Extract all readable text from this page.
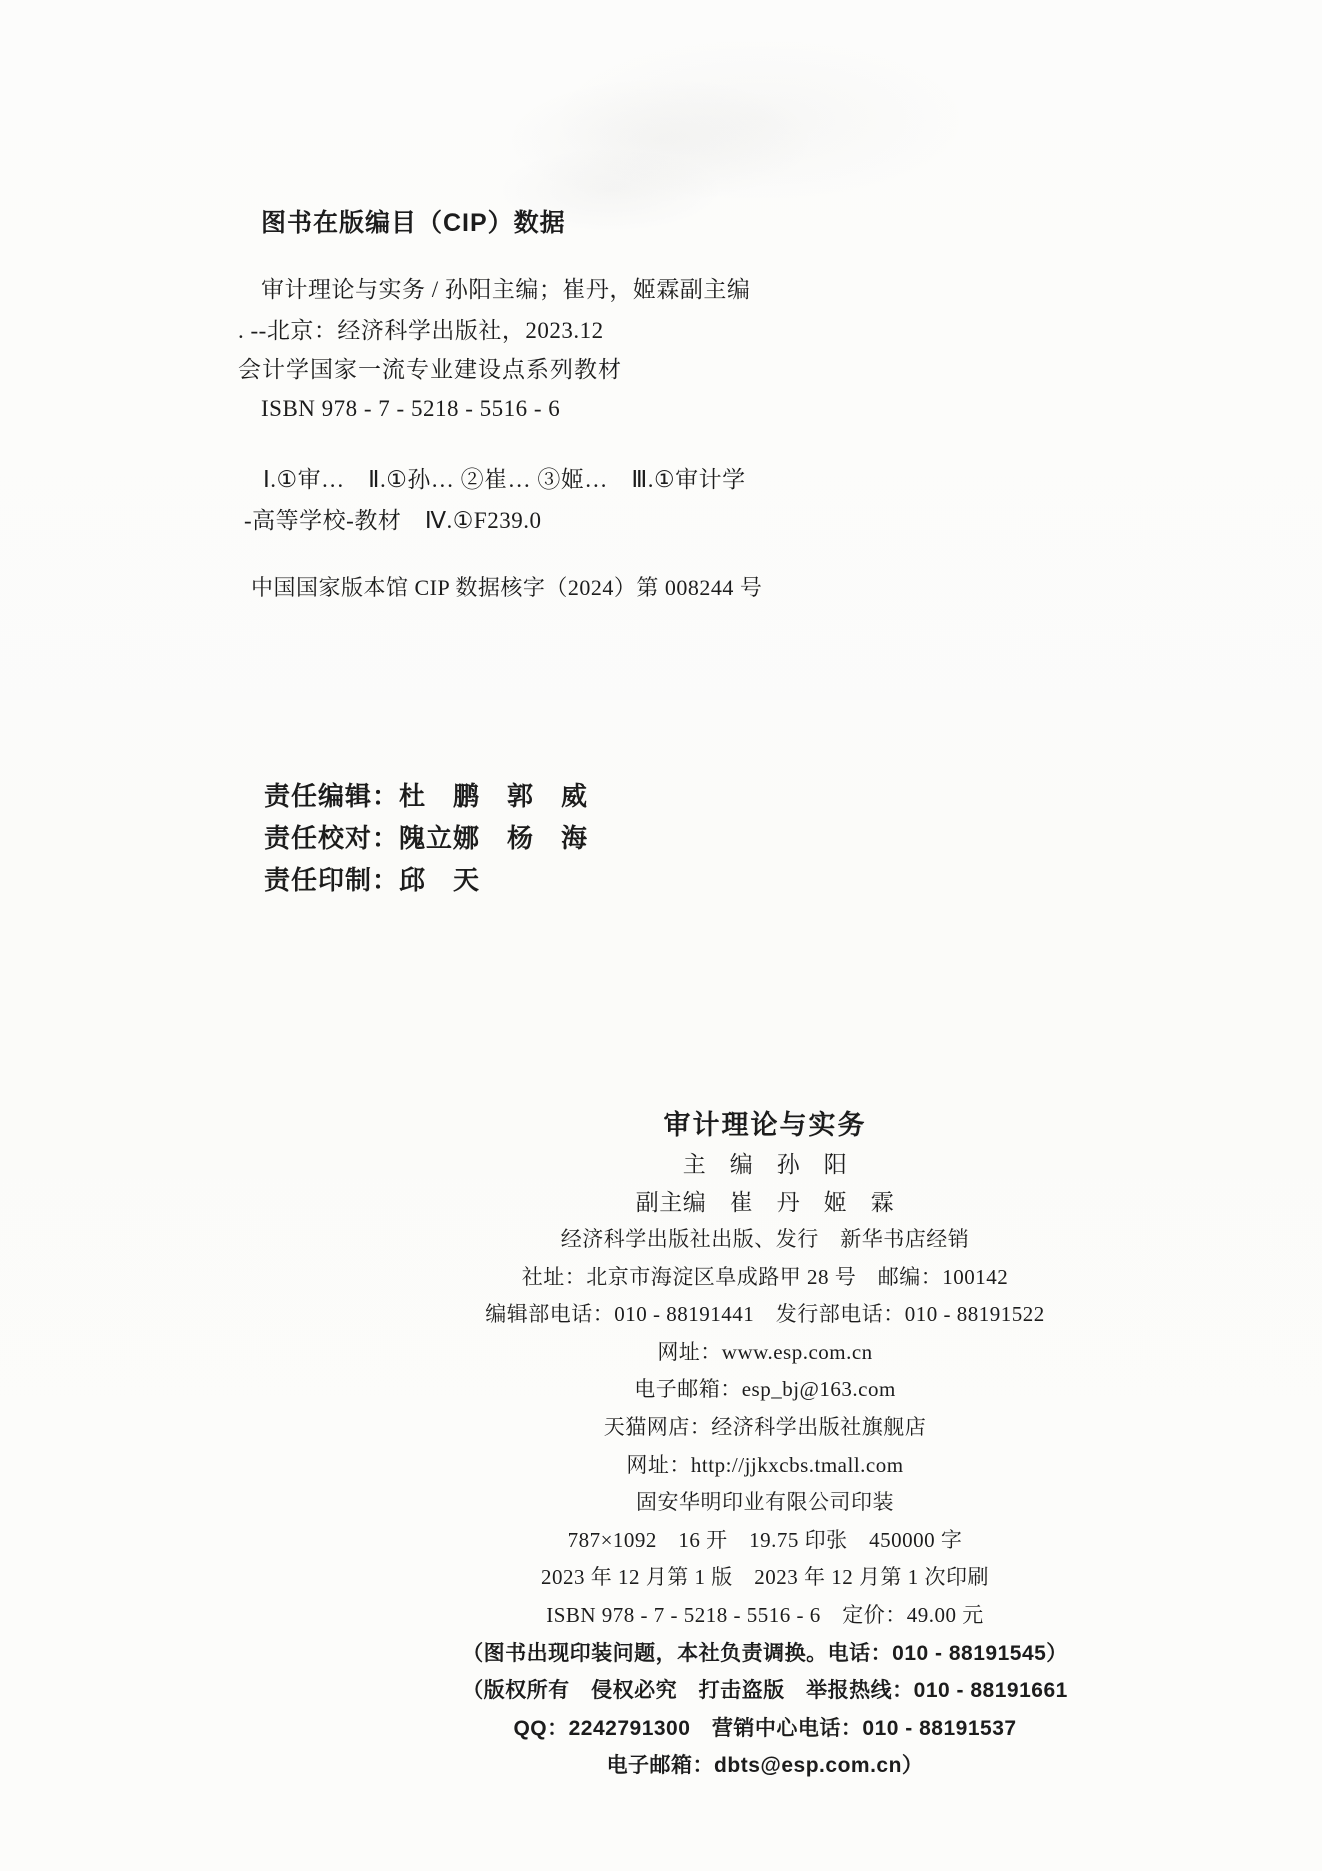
图书在版编目（CIP）数据
审计理论与实务 / 孙阳主编；崔丹，姬霖副主编
. --北京：经济科学出版社，2023.12
会计学国家一流专业建设点系列教材
ISBN 978 - 7 - 5218 - 5516 - 6
Ⅰ.①审…　Ⅱ.①孙… ②崔… ③姬…　Ⅲ.①审计学
-高等学校-教材　Ⅳ.①F239.0
中国国家版本馆 CIP 数据核字（2024）第 008244 号
责任编辑：杜　鹏　郭　威
责任校对：隗立娜　杨　海
责任印制：邱　天
审计理论与实务
主　编　孙　阳
副主编　崔　丹　姬　霖
经济科学出版社出版、发行　新华书店经销
社址：北京市海淀区阜成路甲 28 号　邮编：100142
编辑部电话：010 - 88191441　发行部电话：010 - 88191522
网址：www.esp.com.cn
电子邮箱：esp_bj@163.com
天猫网店：经济科学出版社旗舰店
网址：http://jjkxcbs.tmall.com
固安华明印业有限公司印装
787×1092　16 开　19.75 印张　450000 字
2023 年 12 月第 1 版　2023 年 12 月第 1 次印刷
ISBN 978 - 7 - 5218 - 5516 - 6　定价：49.00 元
（图书出现印装问题，本社负责调换。电话：010 - 88191545）
（版权所有　侵权必究　打击盗版　举报热线：010 - 88191661
QQ：2242791300　营销中心电话：010 - 88191537
电子邮箱：dbts@esp.com.cn）
